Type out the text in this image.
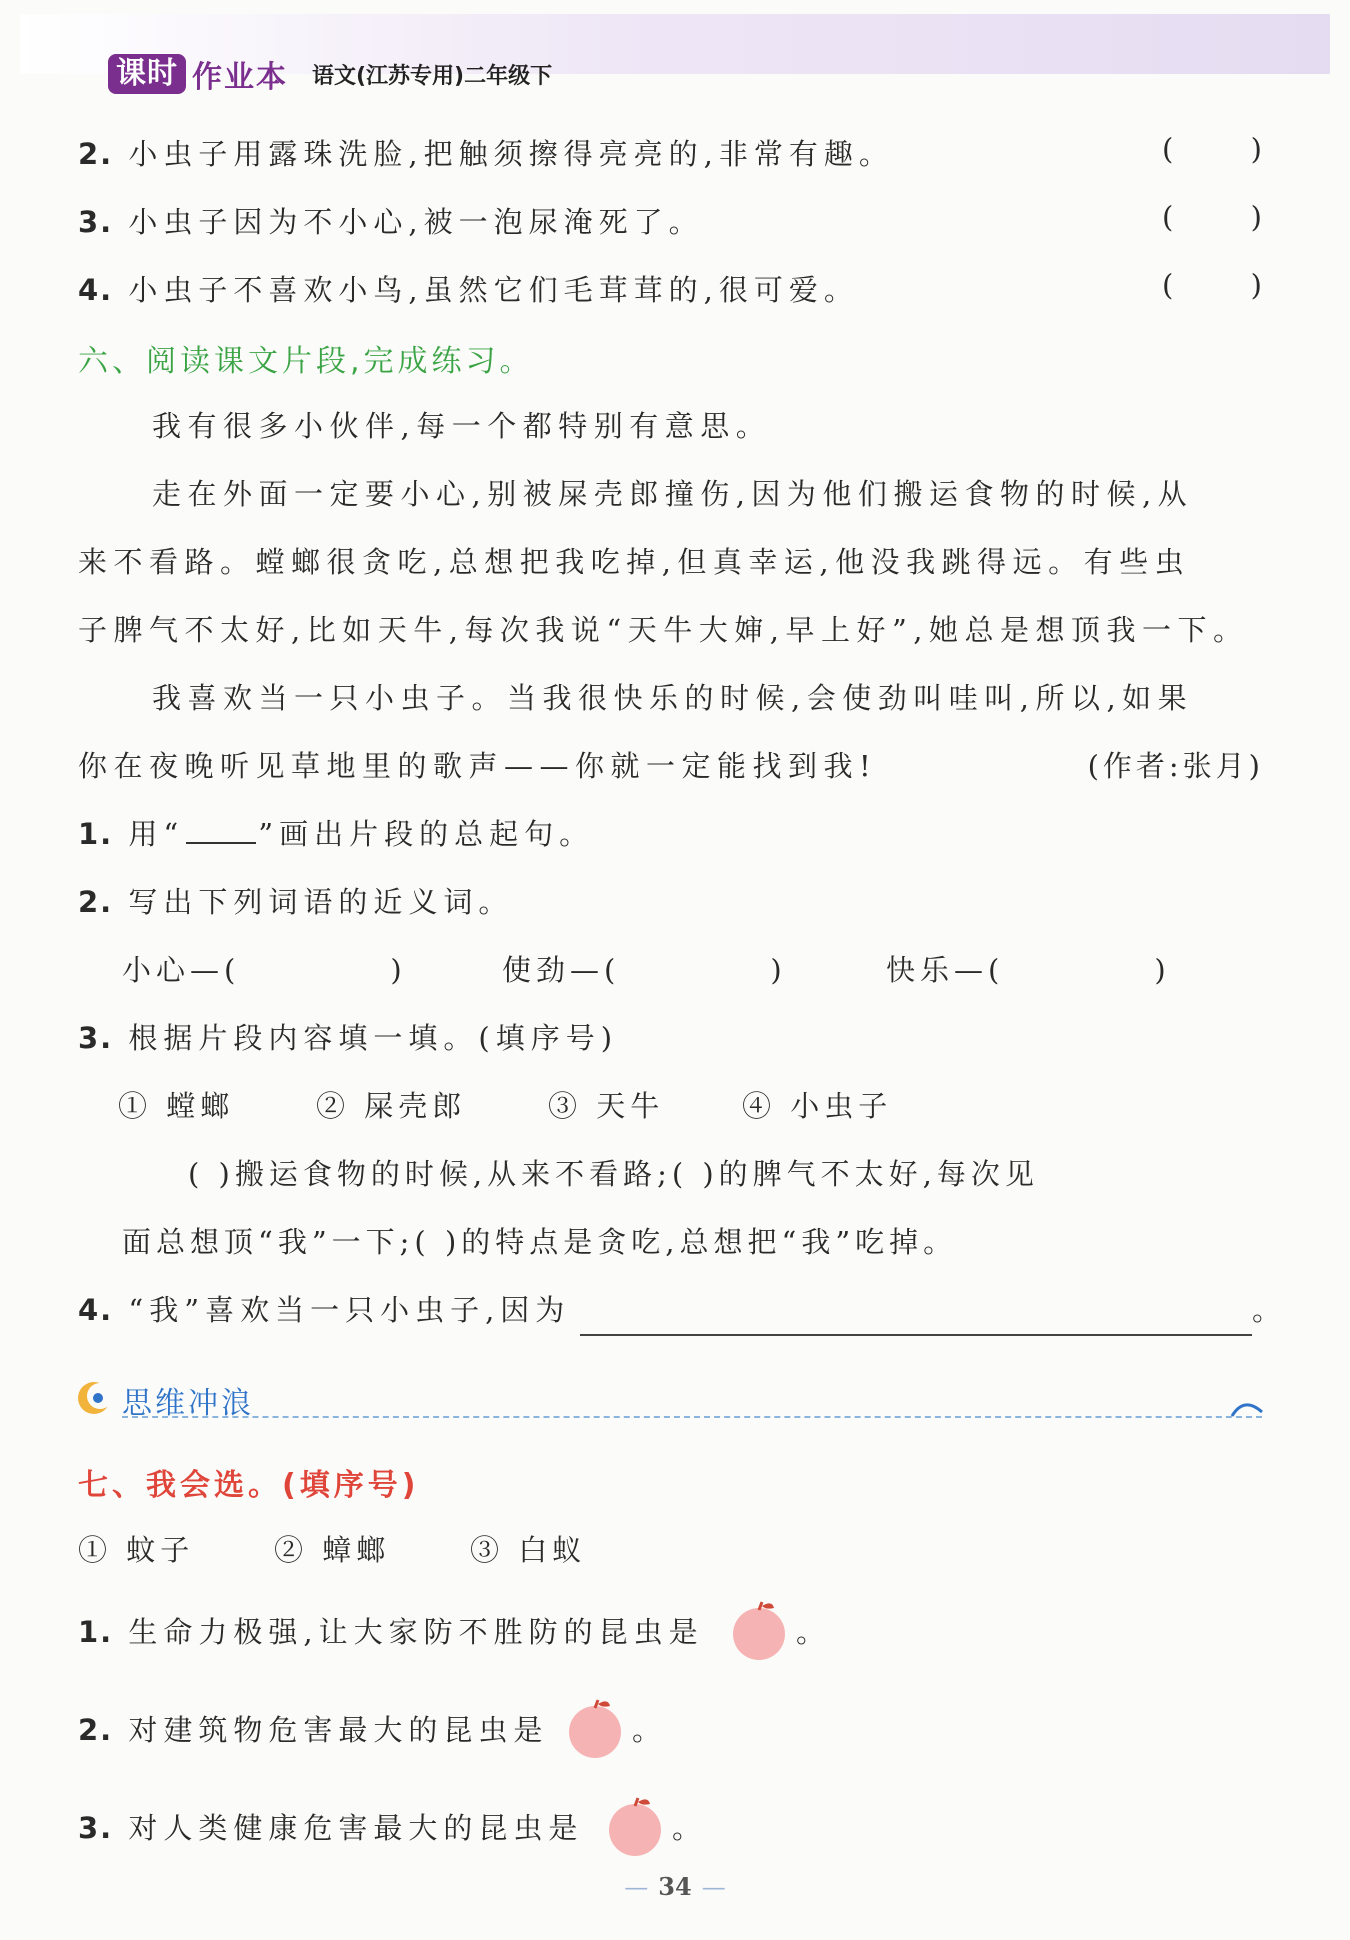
课时 作业本 语文(江苏专用)二年级下
2. 小虫子用露珠洗脸,把触须擦得亮亮的,非常有趣。	(	)
3. 小虫子因为不小心,被一泡尿淹死了。	(	)
4. 小虫子不喜欢小鸟,虽然它们毛茸茸的,很可爱。	(	)
六、阅读课文片段,完成练习。
我有很多小伙伴,每一个都特别有意思。
走在外面一定要小心,别被屎壳郎撞伤,因为他们搬运食物的时候,从
来不看路。螳螂很贪吃,总想把我吃掉,但真幸运,他没我跳得远。有些虫
子脾气不太好,比如天牛,每次我说“天牛大婶,早上好”,她总是想顶我一下。
我喜欢当一只小虫子。当我很快乐的时候,会使劲叫哇叫,所以,如果
你在夜晚听见草地里的歌声——你就一定能找到我!	(作者:张月)
1. 用“	”画出片段的总起句。
2. 写出下列词语的近义词。
小心—(	)	使劲—(	)	快乐—(	)
3. 根据片段内容填一填。(填序号)
① 螳螂	② 屎壳郎	③ 天牛	④ 小虫子
( )搬运食物的时候,从来不看路;( )的脾气不太好,每次见
面总想顶“我”一下;( )的特点是贪吃,总想把“我”吃掉。
4. “我”喜欢当一只小虫子,因为	。
思维冲浪
七、我会选。(填序号)
① 蚊子	② 蟑螂	③ 白蚁
1. 生命力极强,让大家防不胜防的昆虫是	。
2. 对建筑物危害最大的昆虫是	。
3. 对人类健康危害最大的昆虫是	。
— 34 —
